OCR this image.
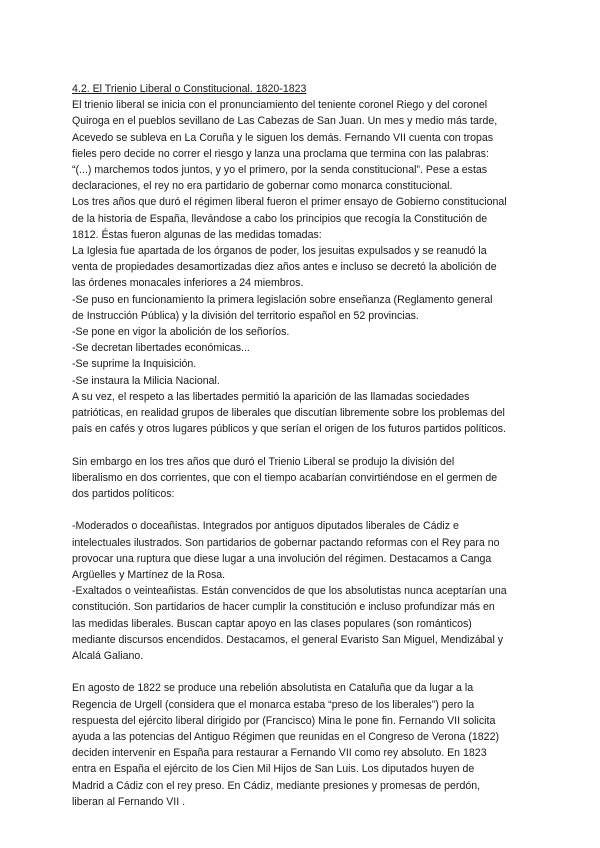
4.2. El Trienio Liberal o Constitucional. 1820-1823

El trienio liberal se inicia con el pronunciamiento del teniente coronel Riego y del coronel
Quiroga en el pueblos sevillano de Las Cabezas de San Juan. Un mes y medio más tarde,
Acevedo se subleva en La Coruña y le siguen los demás. Fernando VII cuenta con tropas
fieles pero decide no correr el riesgo y lanza una proclama que termina con las palabras:
“(...) marchemos todos juntos, y yo el primero, por la senda constitucional”. Pese a estas
declaraciones, el rey no era partidario de gobernar como monarca constitucional.
Los tres años que duró el régimen liberal fueron el primer ensayo de Gobierno constitucional
de la historia de España, llevándose a cabo los principios que recogía la Constitución de
1812. Éstas fueron algunas de las medidas tomadas:
La Iglesia fue apartada de los órganos de poder, los jesuitas expulsados y se reanudó la
venta de propiedades desamortizadas diez años antes e incluso se decretó la abolición de
las órdenes monacales inferiores a 24 miembros.
-Se puso en funcionamiento la primera legislación sobre enseñanza (Reglamento general
de Instrucción Pública) y la división del territorio español en 52 provincias.
-Se pone en vigor la abolición de los señoríos.
-Se decretan libertades económicas...
-Se suprime la Inquisición.
-Se instaura la Milicia Nacional.
A su vez, el respeto a las libertades permitió la aparición de las llamadas sociedades
patrióticas, en realidad grupos de liberales que discutían libremente sobre los problemas del
país en cafés y otros lugares públicos y que serían el origen de los futuros partidos políticos.
Sin embargo en los tres años que duró el Trienio Liberal se produjo la división del
liberalismo en dos corrientes, que con el tiempo acabarían convirtiéndose en el germen de
dos partidos políticos:
-Moderados o doceañistas. Integrados por antiguos diputados liberales de Cádiz e
intelectuales ilustrados. Son partidarios de gobernar pactando reformas con el Rey para no
provocar una ruptura que diese lugar a una involución del régimen. Destacamos a Canga
Argüelles y Martínez de la Rosa.
-Exaltados o veinteañistas. Están convencidos de que los absolutistas nunca aceptarían una
constitución. Son partidarios de hacer cumplir la constitución e incluso profundizar más en
las medidas liberales. Buscan captar apoyo en las clases populares (son románticos)
mediante discursos encendidos. Destacamos, el general Evaristo San Miguel, Mendizábal y
Alcalá Galiano.
En agosto de 1822 se produce una rebelión absolutista en Cataluña que da lugar a la
Regencia de Urgell (considera que el monarca estaba “preso de los liberales”) pero la
respuesta del ejército liberal dirigido por (Francisco) Mina le pone fin. Fernando VII solicita
ayuda a las potencias del Antiguo Régimen que reunidas en el Congreso de Verona (1822)
deciden intervenir en España para restaurar a Fernando VII como rey absoluto. En 1823
entra en España el ejército de los Cien Mil Hijos de San Luis. Los diputados huyen de
Madrid a Cádiz con el rey preso. En Cádiz, mediante presiones y promesas de perdón,
liberan al Fernando VII .
